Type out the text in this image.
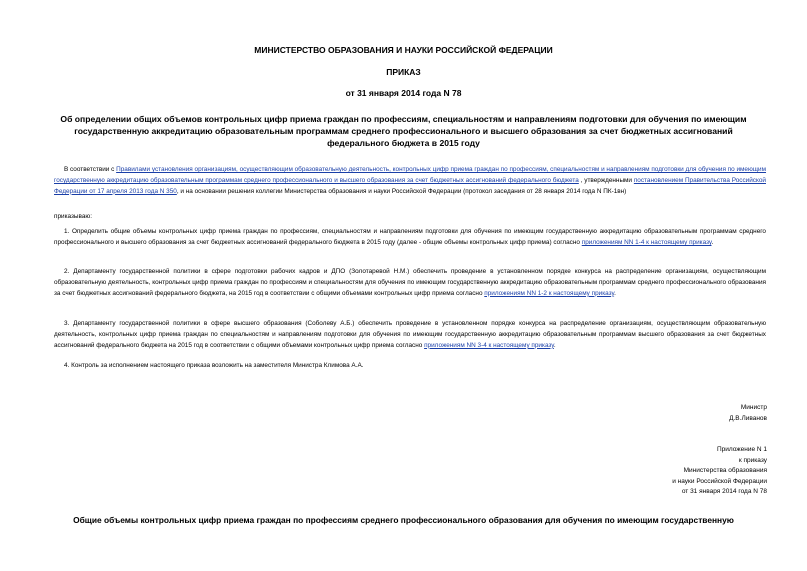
МИНИСТЕРСТВО ОБРАЗОВАНИЯ И НАУКИ РОССИЙСКОЙ ФЕДЕРАЦИИ
ПРИКАЗ
от 31 января 2014 года N 78
Об определении общих объемов контрольных цифр приема граждан по профессиям, специальностям и направлениям подготовки для обучения по имеющим государственную аккредитацию образовательным программам среднего профессионального и высшего образования за счет бюджетных ассигнований федерального бюджета в 2015 году
В соответствии с Правилами установления организациям, осуществляющим образовательную деятельность, контрольных цифр приема граждан по профессиям, специальностям и направлениям подготовки для обучения по имеющим государственную аккредитацию образовательным программам среднего профессионального и высшего образования за счет бюджетных ассигнований федерального бюджета , утвержденными постановлением Правительства Российской Федерации от 17 апреля 2013 года N 350, и на основании решения коллегии Министерства образования и науки Российской Федерации (протокол заседания от 28 января 2014 года N ПК-1вн)
приказываю:
1. Определить общие объемы контрольных цифр приема граждан по профессиям, специальностям и направлениям подготовки для обучения по имеющим государственную аккредитацию образовательным программам среднего профессионального и высшего образования за счет бюджетных ассигнований федерального бюджета в 2015 году (далее - общие объемы контрольных цифр приема) согласно приложениям NN 1-4 к настоящему приказу.
2. Департаменту государственной политики в сфере подготовки рабочих кадров и ДПО (Золотаревой Н.М.) обеспечить проведение в установленном порядке конкурса на распределение организациям, осуществляющим образовательную деятельность, контрольных цифр приема граждан по профессиям и специальностям для обучения по имеющим государственную аккредитацию образовательным программам среднего профессионального образования за счет бюджетных ассигнований федерального бюджета, на 2015 год в соответствии с общими объемами контрольных цифр приема согласно приложениям NN 1-2 к настоящему приказу.
3. Департаменту государственной политики в сфере высшего образования (Соболеву А.Б.) обеспечить проведение в установленном порядке конкурса на распределение организациям, осуществляющим образовательную деятельность, контрольных цифр приема граждан по специальностям и направлениям подготовки для обучения по имеющим государственную аккредитацию образовательным программам высшего образования за счет бюджетных ассигнований федерального бюджета на 2015 год в соответствии с общими объемами контрольных цифр приема согласно приложениям NN 3-4 к настоящему приказу.
4. Контроль за исполнением настоящего приказа возложить на заместителя Министра Климова А.А.
Министр
Д.В.Ливанов
Приложение N 1
к приказу
Министерства образования
и науки Российской Федерации
от 31 января 2014 года N 78
Общие объемы контрольных цифр приема граждан по профессиям среднего профессионального образования для обучения по имеющим государственную
